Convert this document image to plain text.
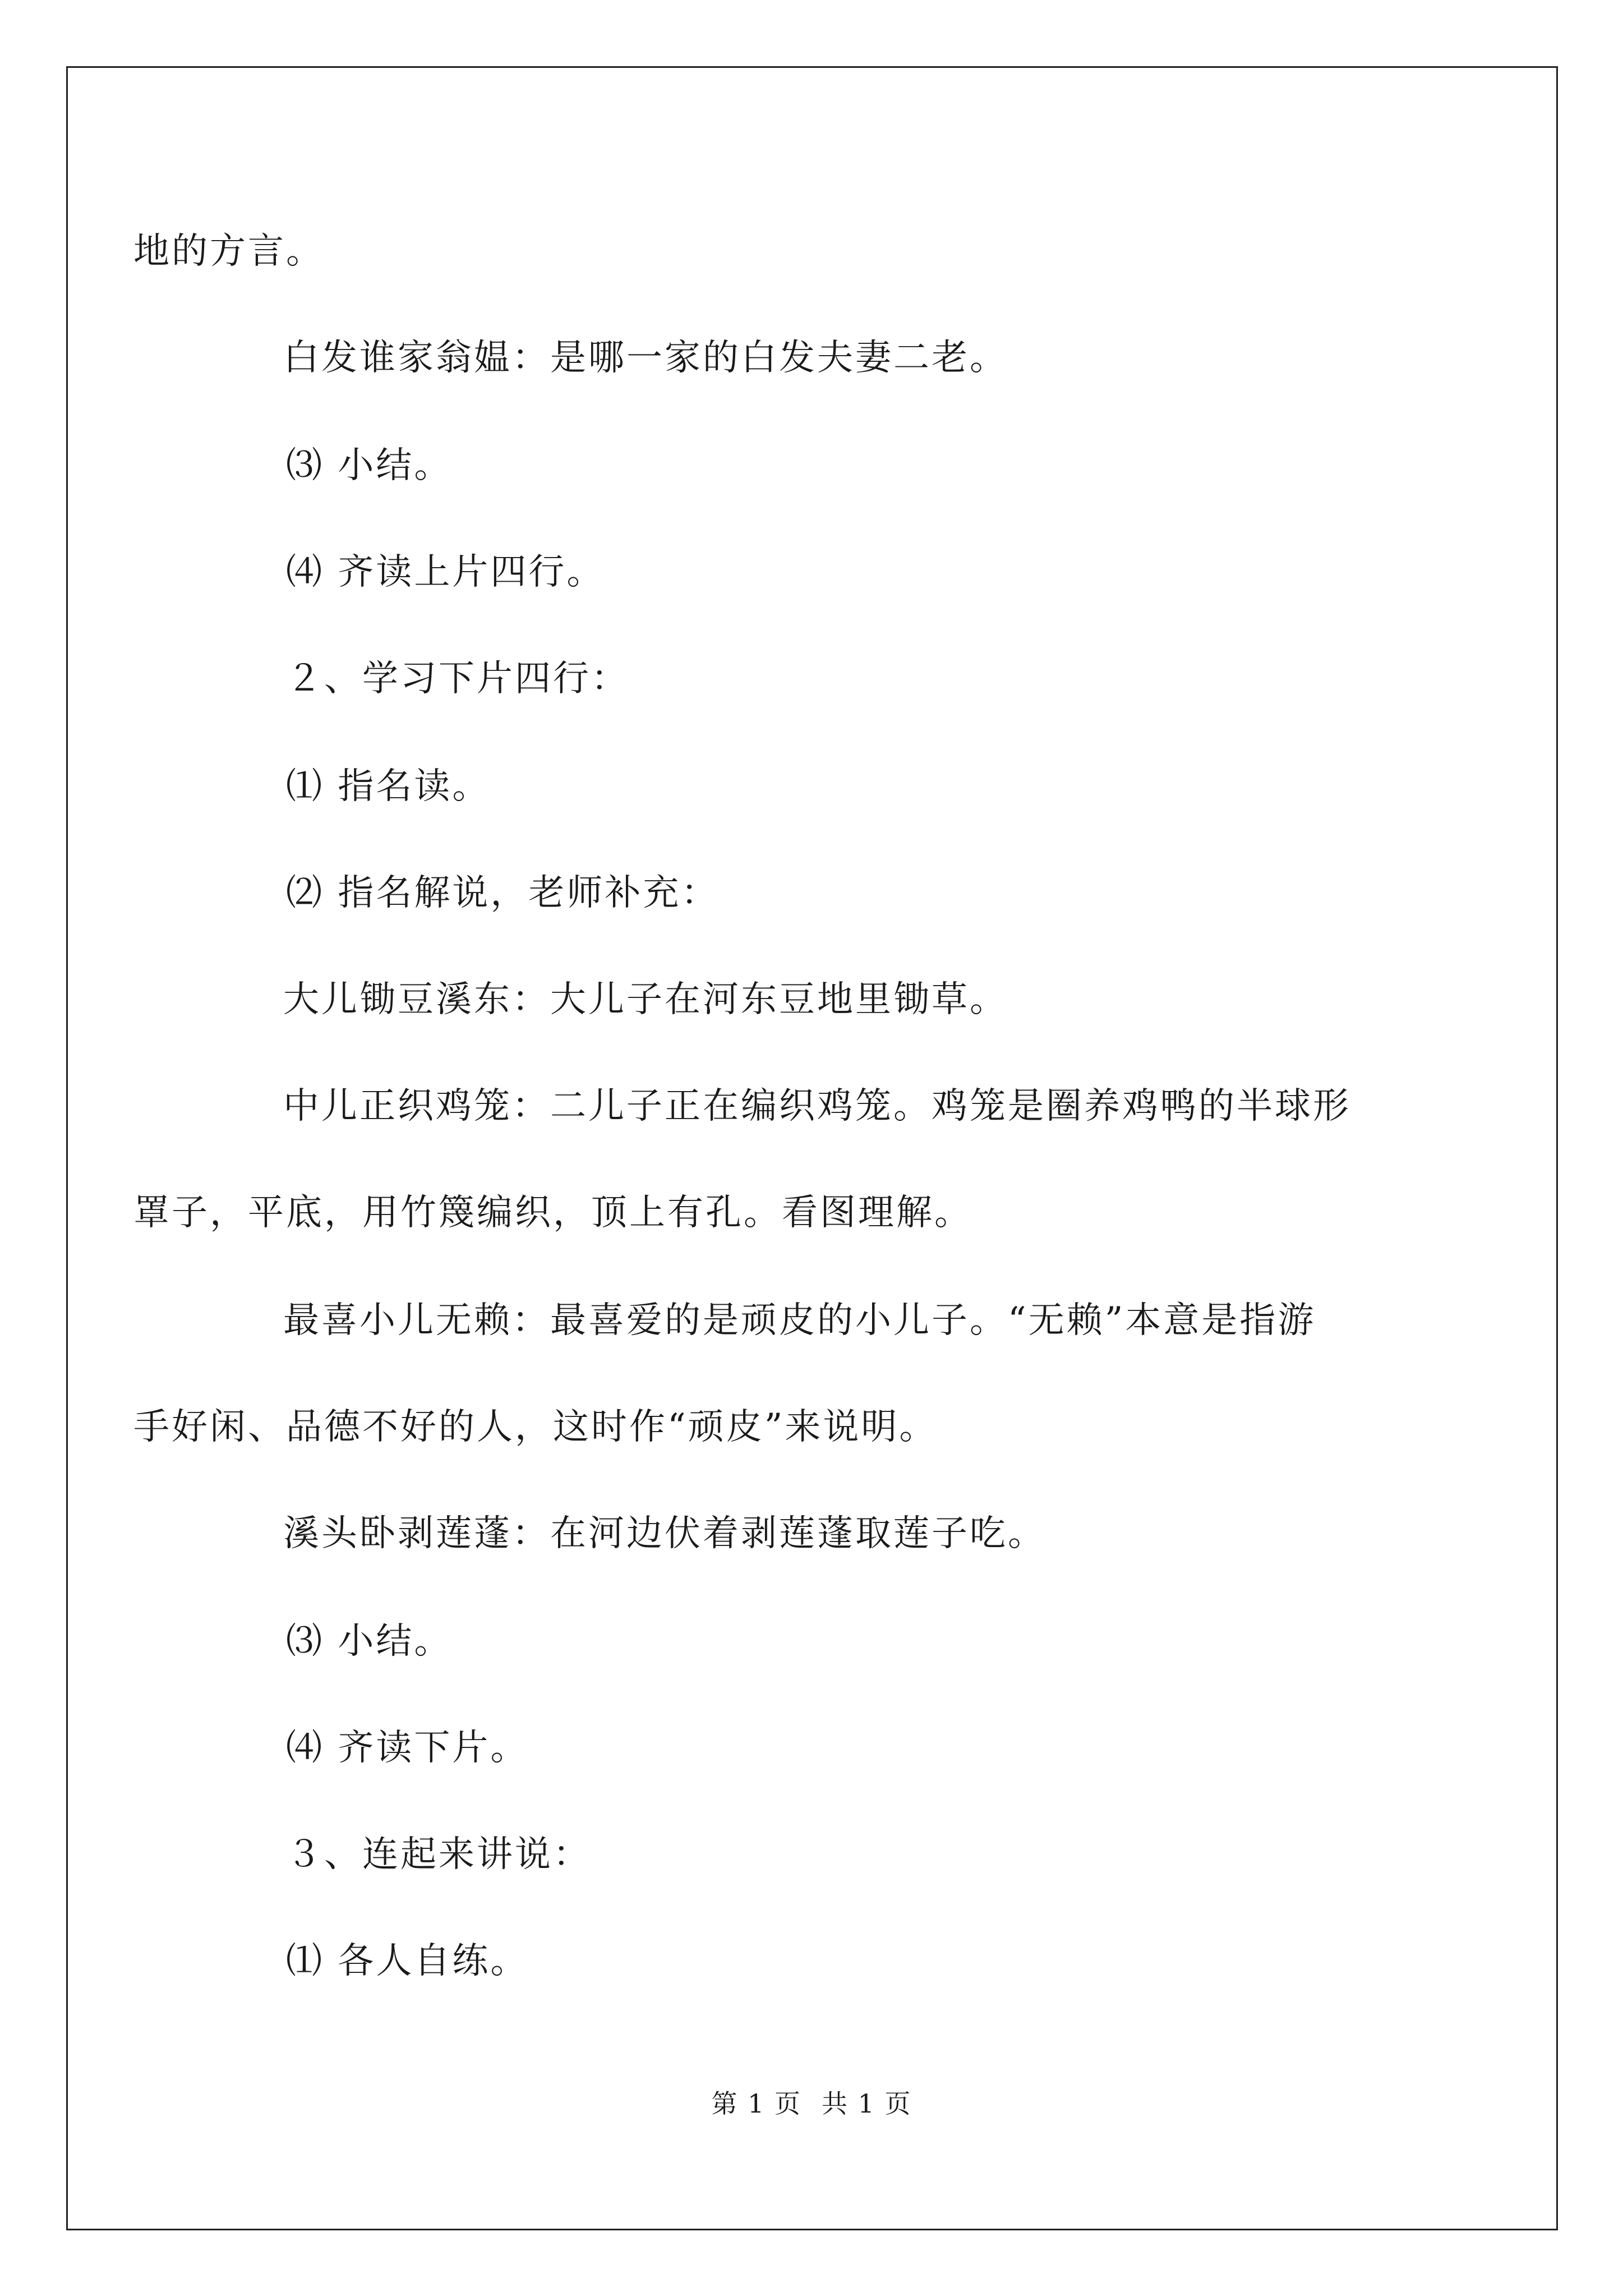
地的方言。
白发谁家翁媪：是哪一家的白发夫妻二老。
⑶ 小结。
⑷ 齐读上片四行。
２、学习下片四行：
⑴ 指名读。
⑵ 指名解说，老师补充：
大儿锄豆溪东：大儿子在河东豆地里锄草。
中儿正织鸡笼：二儿子正在编织鸡笼。鸡笼是圈养鸡鸭的半球形
罩子，平底，用竹篾编织，顶上有孔。看图理解。
最喜小儿无赖：最喜爱的是顽皮的小儿子。“无赖”本意是指游
手好闲、品德不好的人，这时作“顽皮”来说明。
溪头卧剥莲蓬：在河边伏着剥莲蓬取莲子吃。
⑶ 小结。
⑷ 齐读下片。
３、连起来讲说：
⑴ 各人自练。
第 1 页 共 1 页
